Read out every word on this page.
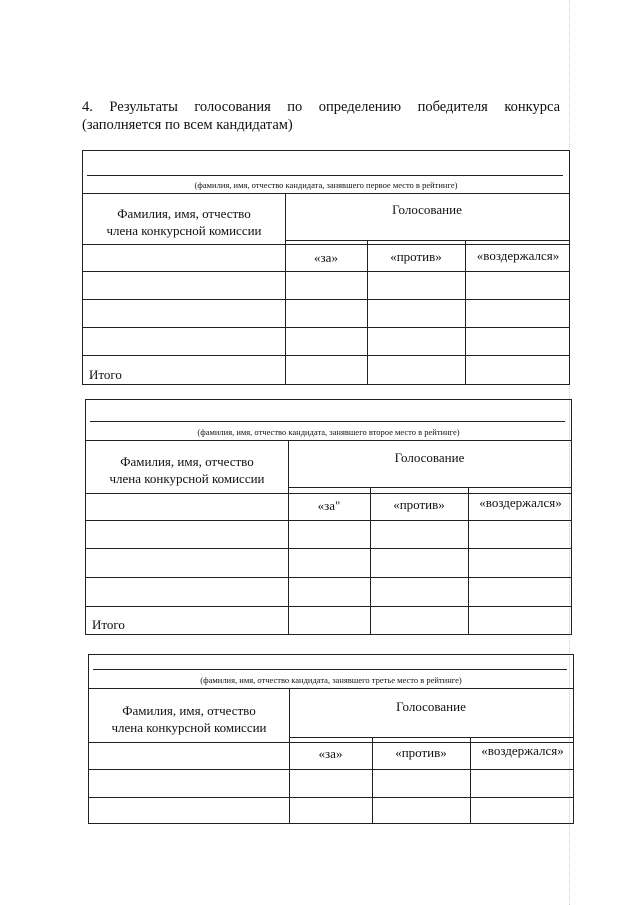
4. Результаты голосования по определению победителя конкурса
(заполняется по всем кандидатам)
(фамилия, имя, отчество кандидата, занявшего первое место в рейтинге)
Фамилия, имя, отчество
члена конкурсной комиссии
Голосование
«за»	«против»	«воздержался»
Итого
(фамилия, имя, отчество кандидата, занявшего второе место в рейтинге)
Фамилия, имя, отчество
члена конкурсной комиссии
Голосование
«за"	«против»	«воздержался»
Итого
(фамилия, имя, отчество кандидата, занявшего третье место в рейтинге)
Фамилия, имя, отчество
члена конкурсной комиссии
Голосование
«за»	«против»	«воздержался»
